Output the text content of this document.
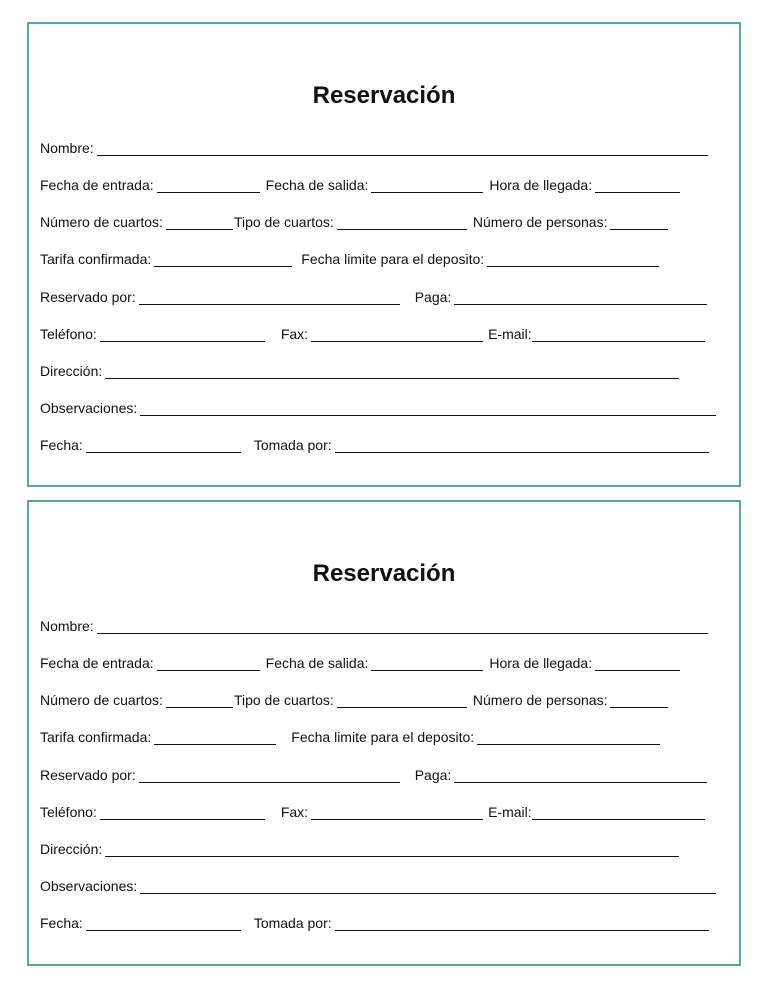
Reservación
Nombre:
Fecha de entrada:	Fecha de salida:	Hora de llegada:
Número de cuartos:	Tipo de cuartos:	Número de personas:
Tarifa confirmada:	Fecha limite para el deposito:
Reservado por:	Paga:
Teléfono:	Fax:	E-mail:
Dirección:
Observaciones:
Fecha:	Tomada por:
Reservación
Nombre:
Fecha de entrada:	Fecha de salida:	Hora de llegada:
Número de cuartos:	Tipo de cuartos:	Número de personas:
Tarifa confirmada:	Fecha limite para el deposito:
Reservado por:	Paga:
Teléfono:	Fax:	E-mail:
Dirección:
Observaciones:
Fecha:	Tomada por:
